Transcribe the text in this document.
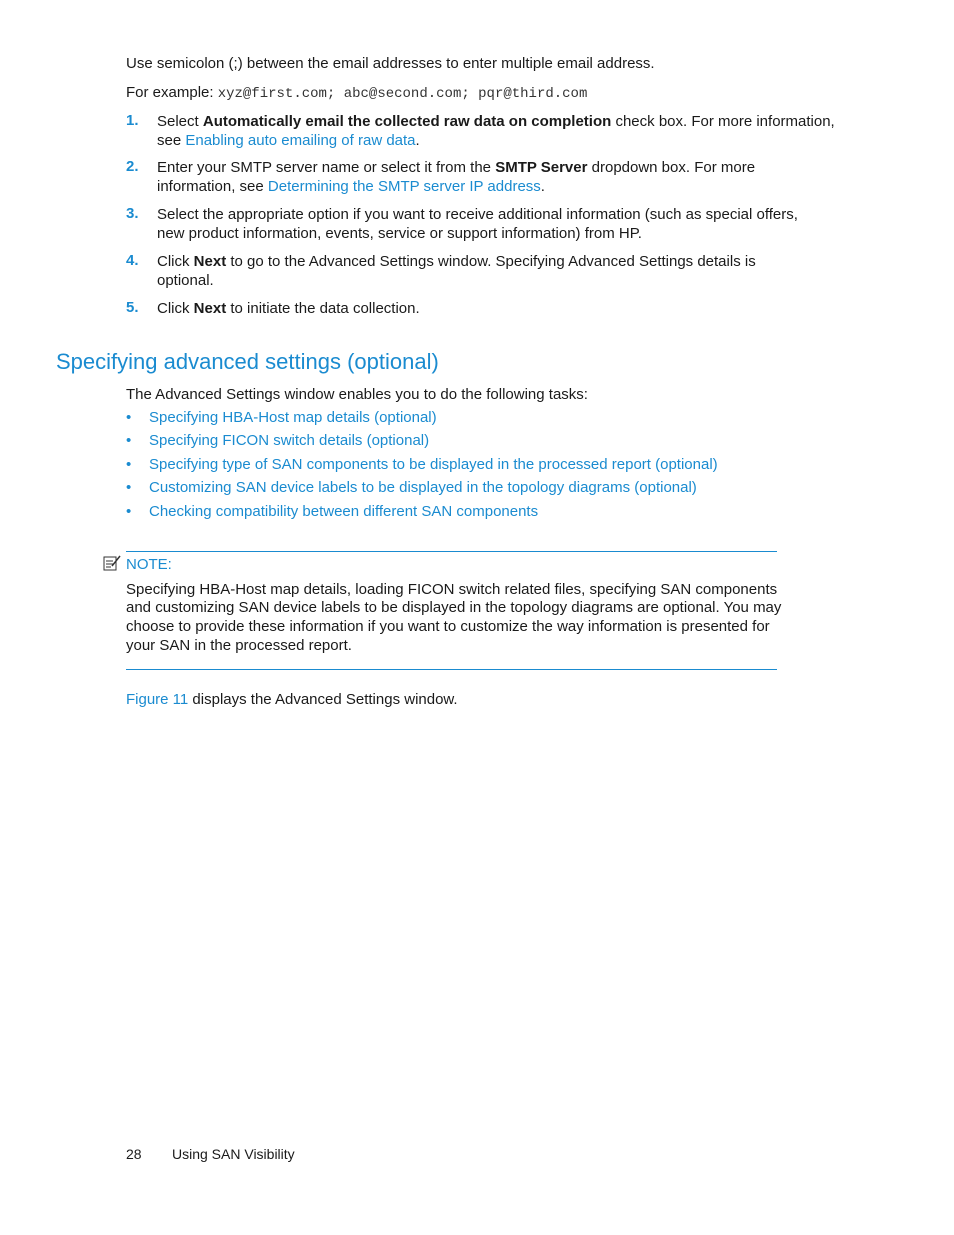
Use semicolon (;) between the email addresses to enter multiple email address.
For example: xyz@first.com; abc@second.com; pqr@third.com
1. Select Automatically email the collected raw data on completion check box. For more information,
see Enabling auto emailing of raw data.
2. Enter your SMTP server name or select it from the SMTP Server dropdown box. For more
information, see Determining the SMTP server IP address.
3. Select the appropriate option if you want to receive additional information (such as special offers,
new product information, events, service or support information) from HP.
4. Click Next to go to the Advanced Settings window. Specifying Advanced Settings details is
optional.
5. Click Next to initiate the data collection.
Specifying advanced settings (optional)
The Advanced Settings window enables you to do the following tasks:
• Specifying HBA-Host map details (optional)
• Specifying FICON switch details (optional)
• Specifying type of SAN components to be displayed in the processed report (optional)
• Customizing SAN device labels to be displayed in the topology diagrams (optional)
• Checking compatibility between different SAN components
NOTE:
Specifying HBA-Host map details, loading FICON switch related files, specifying SAN components
and customizing SAN device labels to be displayed in the topology diagrams are optional. You may
choose to provide these information if you want to customize the way information is presented for
your SAN in the processed report.
Figure 11 displays the Advanced Settings window.
28 Using SAN Visibility
